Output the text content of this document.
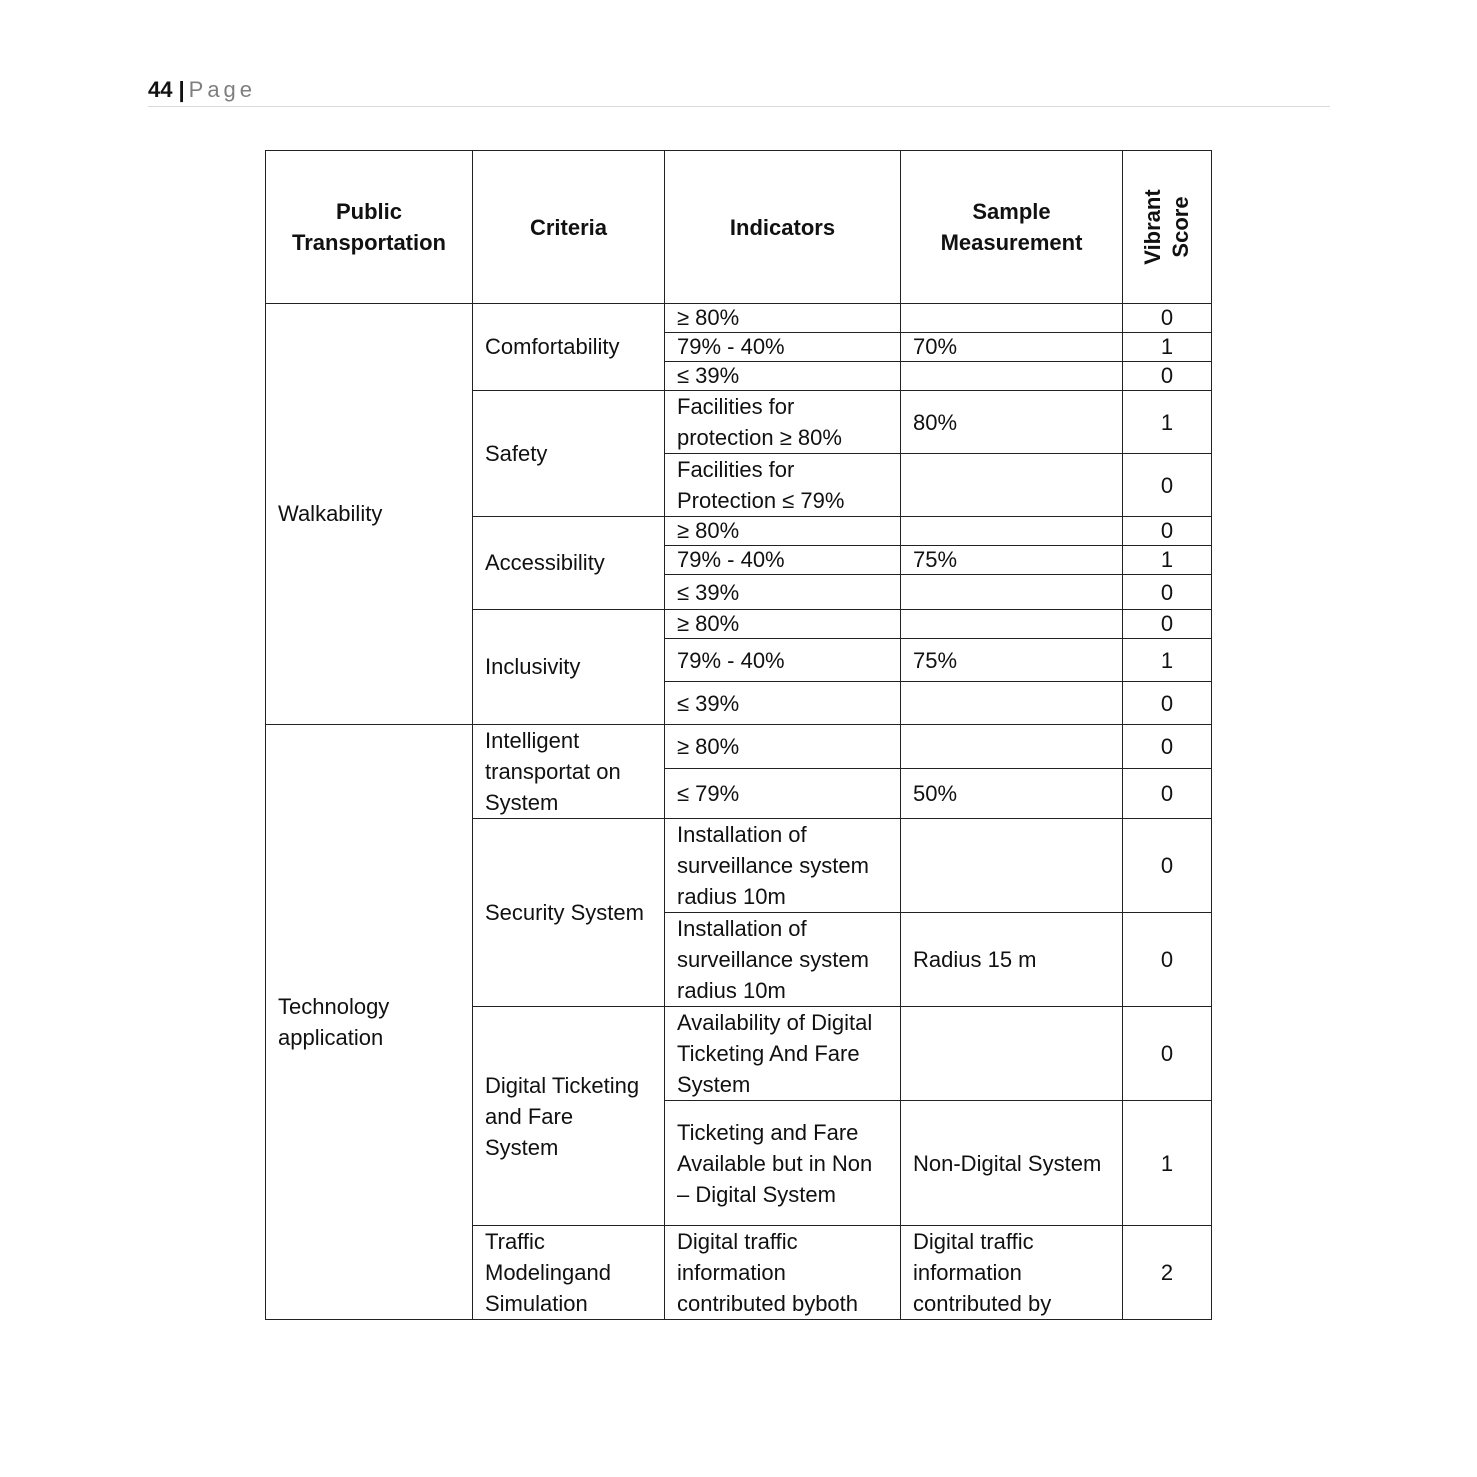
44 | Page
Public Transportation	Criteria	Indicators	Sample Measurement	Vibrant Score
Walkability	Comfortability	≥ 80%		0
		79% - 40%	70%	1
		≤ 39%		0
	Safety	Facilities for protection ≥ 80%	80%	1
		Facilities for Protection ≤ 79%		0
	Accessibility	≥ 80%		0
		79% - 40%	75%	1
		≤ 39%		0
	Inclusivity	≥ 80%		0
		79% - 40%	75%	1
		≤ 39%		0
Technology application	Intelligent transportat on System	≥ 80%		0
		≤ 79%	50%	0
	Security System	Installation of surveillance system radius 10m		0
		Installation of surveillance system radius 10m	Radius 15 m	0
	Digital Ticketing and Fare System	Availability of Digital Ticketing And Fare System		0
		Ticketing and Fare Available but in Non – Digital System	Non-Digital System	1
	Traffic Modelingand Simulation	Digital traffic information contributed byboth	Digital traffic information contributed by	2
